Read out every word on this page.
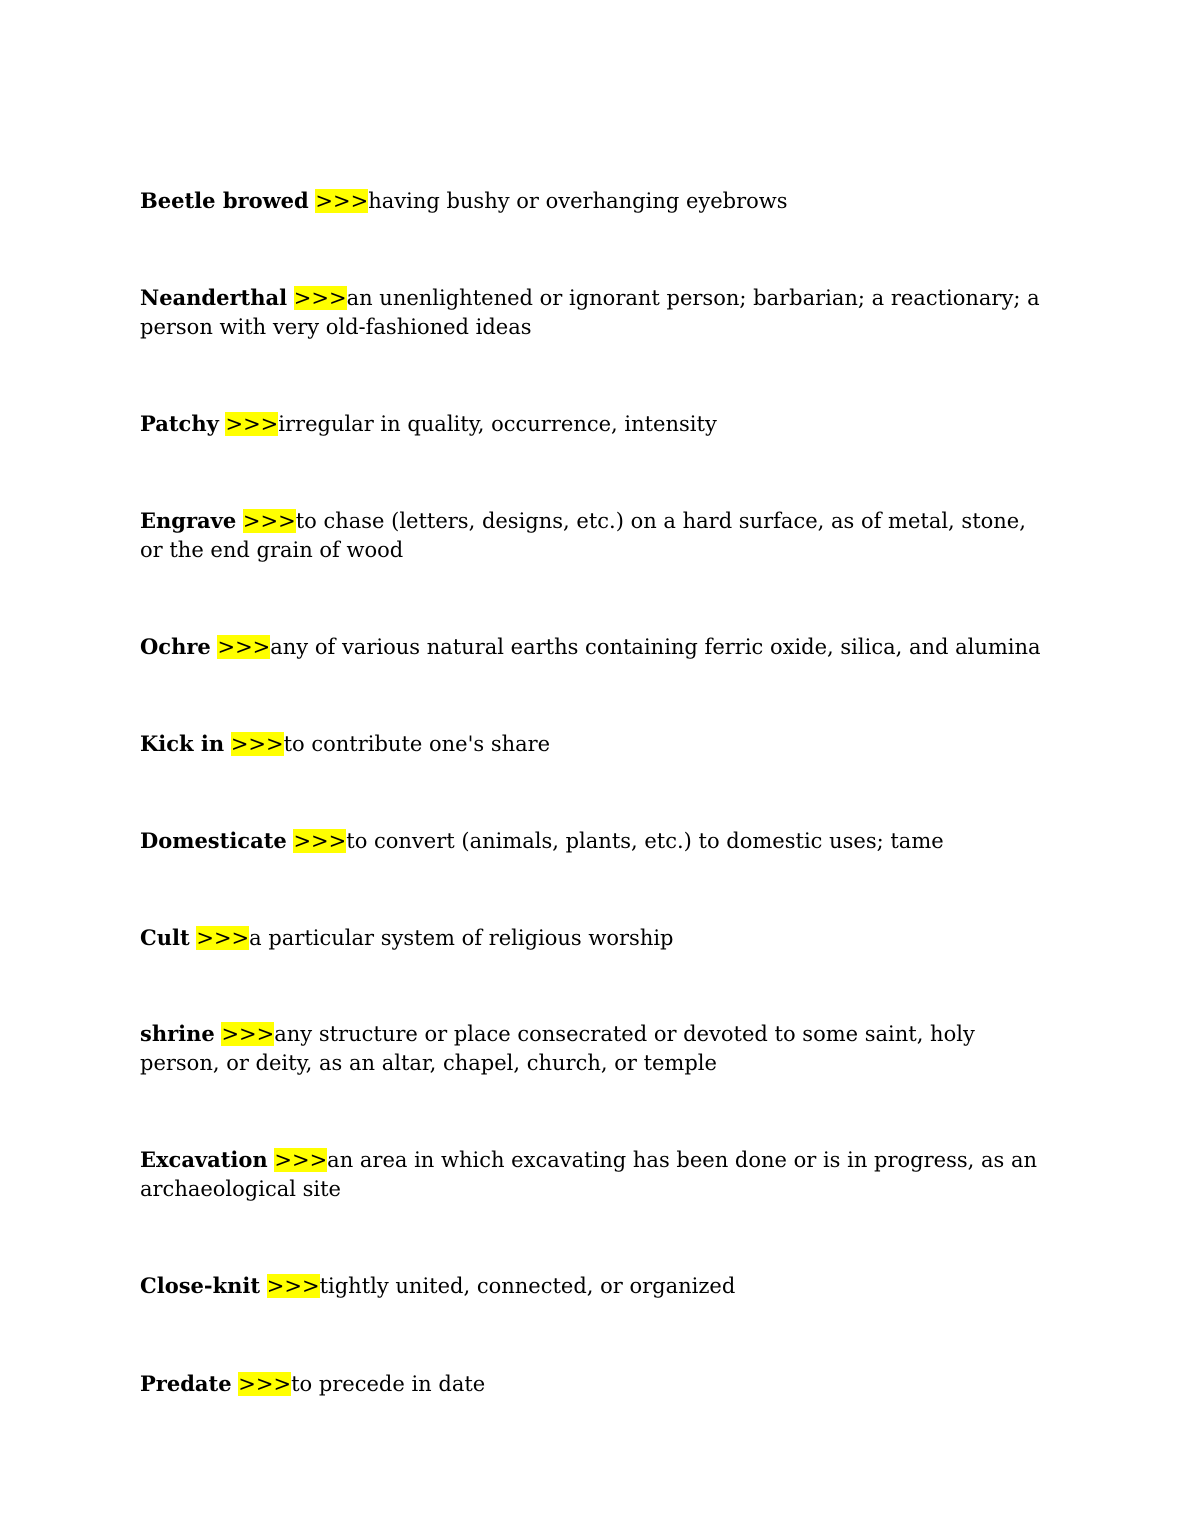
Beetle browed >>>having bushy or overhanging eyebrows

Neanderthal >>>an unenlightened or ignorant person; barbarian; a reactionary; a person with very old-fashioned ideas

Patchy >>>irregular in quality, occurrence, intensity

Engrave >>>to chase (letters, designs, etc.) on a hard surface, as of metal, stone, or the end grain of wood

Ochre >>>any of various natural earths containing ferric oxide, silica, and alumina

Kick in >>>to contribute one's share

Domesticate >>>to convert (animals, plants, etc.) to domestic uses; tame

Cult >>>a particular system of religious worship

shrine >>>any structure or place consecrated or devoted to some saint, holy person, or deity, as an altar, chapel, church, or temple

Excavation >>>an area in which excavating has been done or is in progress, as an archaeological site

Close-knit >>>tightly united, connected, or organized

Predate >>>to precede in date
